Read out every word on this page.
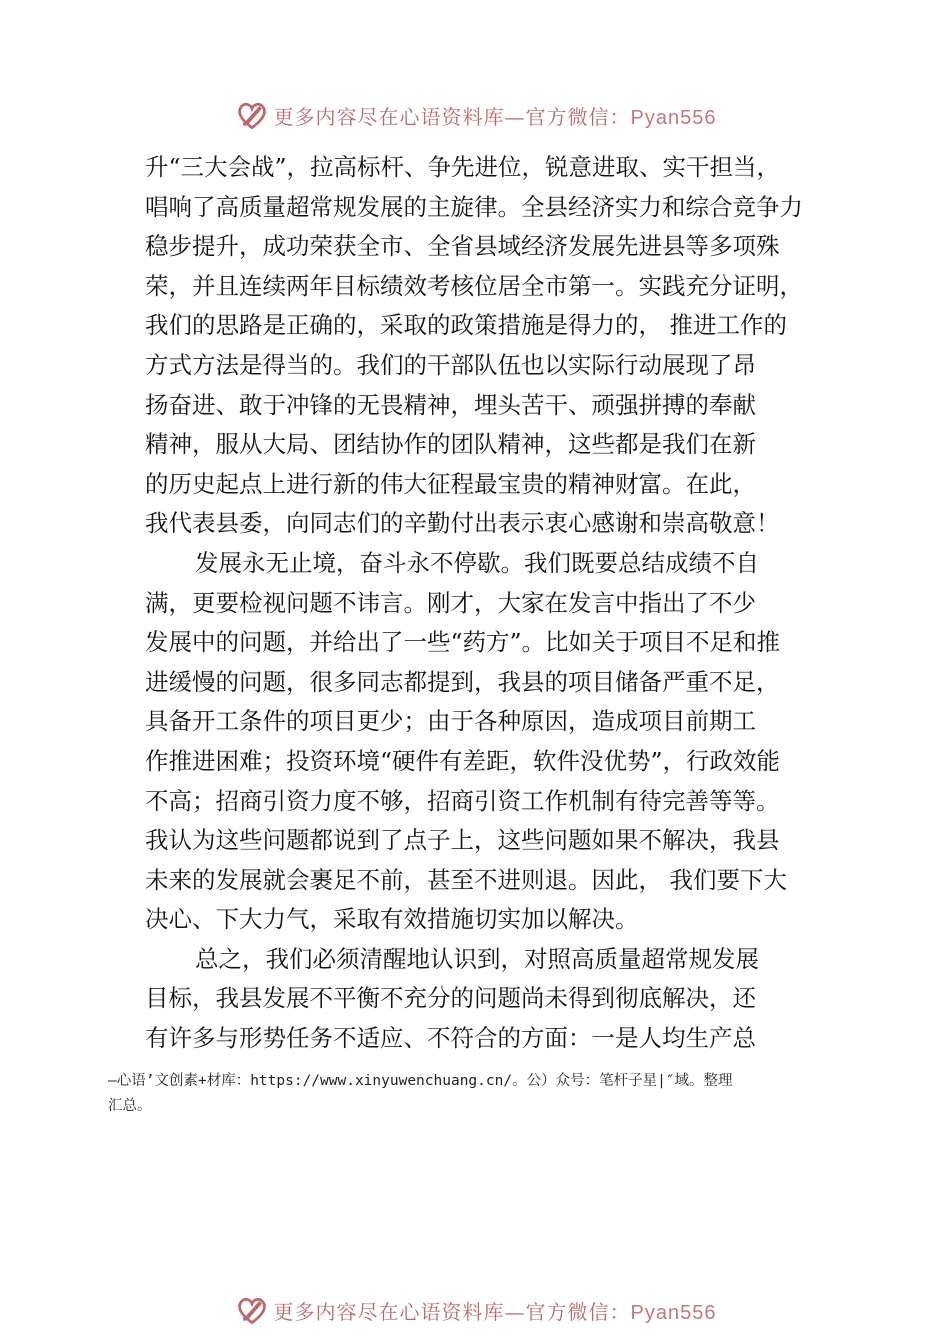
更多内容尽在心语资料库—官方微信：Pyan556
升“三大会战”，拉高标杆、争先进位，锐意进取、实干担当，
唱响了高质量超常规发展的主旋律。全县经济实力和综合竞争力
稳步提升，成功荣获全市、全省县域经济发展先进县等多项殊
荣，并且连续两年目标绩效考核位居全市第一。实践充分证明，
我们的思路是正确的，采取的政策措施是得力的， 推进工作的
方式方法是得当的。我们的干部队伍也以实际行动展现了昂
扬奋进、敢于冲锋的无畏精神，埋头苦干、顽强拼搏的奉献
精神，服从大局、团结协作的团队精神，这些都是我们在新
的历史起点上进行新的伟大征程最宝贵的精神财富。在此，
我代表县委，向同志们的辛勤付出表示衷心感谢和崇高敬意！
发展永无止境，奋斗永不停歇。我们既要总结成绩不自
满，更要检视问题不讳言。刚才，大家在发言中指出了不少
发展中的问题，并给出了一些“药方”。比如关于项目不足和推
进缓慢的问题，很多同志都提到，我县的项目储备严重不足，
具备开工条件的项目更少；由于各种原因，造成项目前期工
作推进困难；投资环境“硬件有差距，软件没优势”，行政效能
不高；招商引资力度不够，招商引资工作机制有待完善等等。
我认为这些问题都说到了点子上，这些问题如果不解决，我县
未来的发展就会裹足不前，甚至不进则退。因此， 我们要下大
决心、下大力气，采取有效措施切实加以解决。
总之，我们必须清醒地认识到，对照高质量超常规发展
目标，我县发展不平衡不充分的问题尚未得到彻底解决，还
有许多与形势任务不适应、不符合的方面：一是人均生产总
—心语’文创素+材库：https://www.xinyuwenchuang.cn/。公）众号：笔杆子星|″域。整理
汇总。
更多内容尽在心语资料库—官方微信：Pyan556
